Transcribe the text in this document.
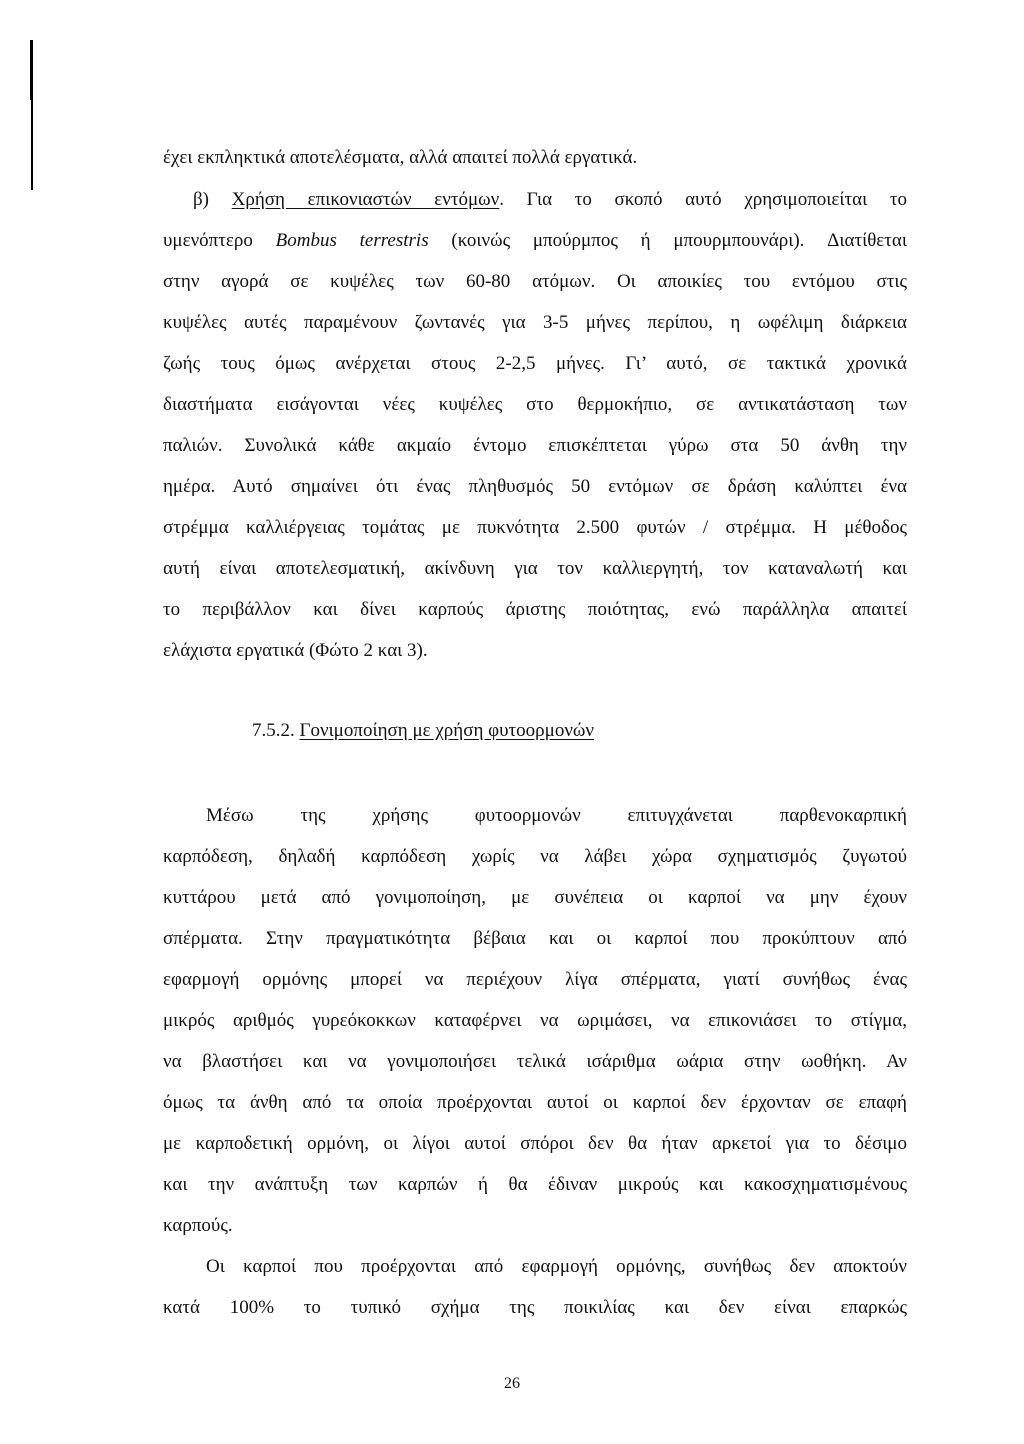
έχει εκπληκτικά αποτελέσματα, αλλά απαιτεί πολλά εργατικά.
β) Χρήση επικονιαστών εντόμων. Για το σκοπό αυτό χρησιμοποιείται το
υμενόπτερο Bombus terrestris (κοινώς μπούρμπος ή μπουρμπουνάρι). Διατίθεται
στην αγορά σε κυψέλες των 60-80 ατόμων. Οι αποικίες του εντόμου στις
κυψέλες αυτές παραμένουν ζωντανές για 3-5 μήνες περίπου, η ωφέλιμη διάρκεια
ζωής τους όμως ανέρχεται στους 2-2,5 μήνες. Γι’ αυτό, σε τακτικά χρονικά
διαστήματα εισάγονται νέες κυψέλες στο θερμοκήπιο, σε αντικατάσταση των
παλιών. Συνολικά κάθε ακμαίο έντομο επισκέπτεται γύρω στα 50 άνθη την
ημέρα. Αυτό σημαίνει ότι ένας πληθυσμός 50 εντόμων σε δράση καλύπτει ένα
στρέμμα καλλιέργειας τομάτας με πυκνότητα 2.500 φυτών / στρέμμα. Η μέθοδος
αυτή είναι αποτελεσματική, ακίνδυνη για τον καλλιεργητή, τον καταναλωτή και
το περιβάλλον και δίνει καρπούς άριστης ποιότητας, ενώ παράλληλα απαιτεί
ελάχιστα εργατικά (Φώτο 2 και 3).
7.5.2. Γονιμοποίηση με χρήση φυτοορμονών
Μέσω της χρήσης φυτοορμονών επιτυγχάνεται παρθενοκαρπική
καρπόδεση, δηλαδή καρπόδεση χωρίς να λάβει χώρα σχηματισμός ζυγωτού
κυττάρου μετά από γονιμοποίηση, με συνέπεια οι καρποί να μην έχουν
σπέρματα. Στην πραγματικότητα βέβαια και οι καρποί που προκύπτουν από
εφαρμογή ορμόνης μπορεί να περιέχουν λίγα σπέρματα, γιατί συνήθως ένας
μικρός αριθμός γυρεόκοκκων καταφέρνει να ωριμάσει, να επικονιάσει το στίγμα,
να βλαστήσει και να γονιμοποιήσει τελικά ισάριθμα ωάρια στην ωοθήκη. Αν
όμως τα άνθη από τα οποία προέρχονται αυτοί οι καρποί δεν έρχονταν σε επαφή
με καρποδετική ορμόνη, οι λίγοι αυτοί σπόροι δεν θα ήταν αρκετοί για το δέσιμο
και την ανάπτυξη των καρπών ή θα έδιναν μικρούς και κακοσχηματισμένους
καρπούς.
Οι καρποί που προέρχονται από εφαρμογή ορμόνης, συνήθως δεν αποκτούν
κατά 100% το τυπικό σχήμα της ποικιλίας και δεν είναι επαρκώς
26
